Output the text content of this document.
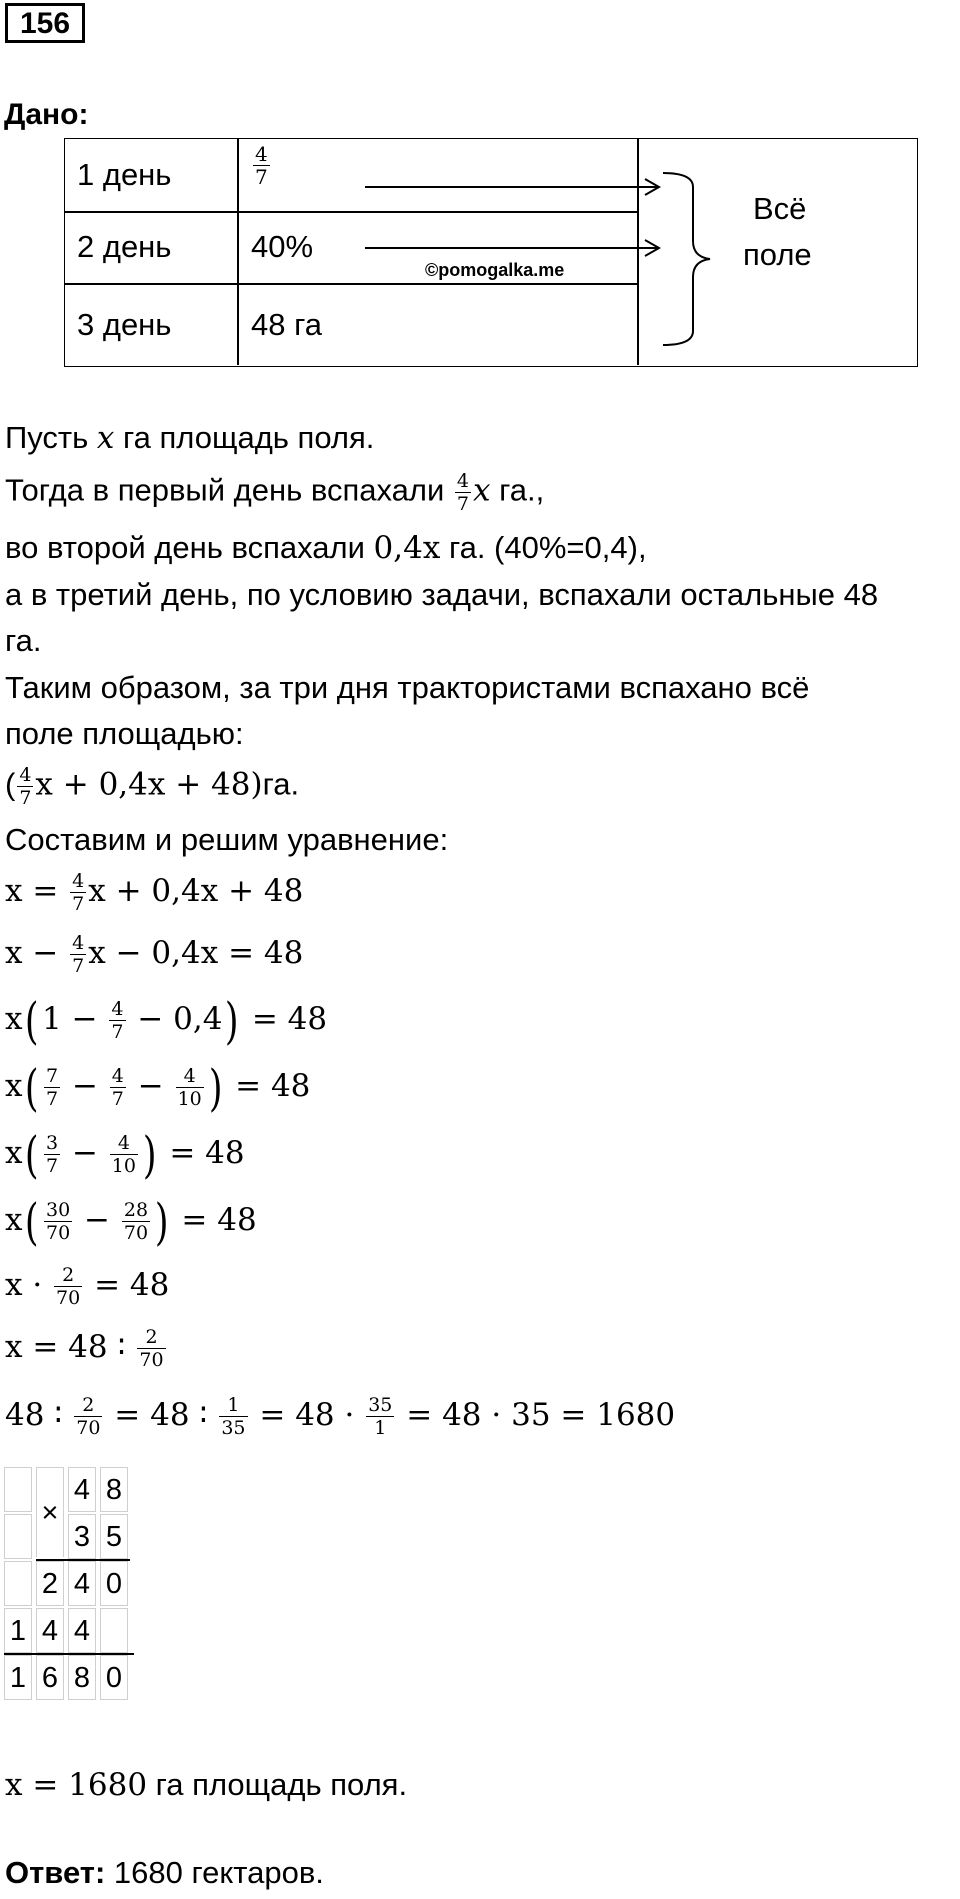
156
Дано:
1 день
2 день
3 день
$\frac{4}{7}$
40%
48 га
Всё
поле
©pomogalka.me
Пусть x га площадь поля.
Тогда в первый день вспахали $\frac{4}{7}$ x га.,
во второй день вспахали 0,4x га. (40%=0,4),
а в третий день, по условию задачи, вспахали остальные 48
га.
Таким образом, за три дня трактористами вспахано всё
поле площадью:
( $\frac{4}{7}$ x + 0,4x + 48)га.
Составим и решим уравнение:
$x = \frac{4}{7}$ x + 0,4x + 48
$x - \frac{4}{7}$ x − 0,4x = 48
$x(1 - \frac{4}{7} - 0,4) = 48$
$x( \frac{7}{7} - \frac{4}{7} - \frac{4}{10}$ ) = 48
$x( \frac{3}{7} - \frac{4}{10}$ ) = 48
$x( \frac{30}{70} - \frac{28}{70}$ ) = 48
$x \cdot \frac{2}{70} = 48$
x = 48 ∶ $\frac{2}{70}$
48 ∶ $\frac{2}{70} = 48$ ∶ $\frac{1}{35} = 48 \cdot \frac{35}{1} = 48 \cdot 35 = 1680$
×
4 8
3 5
2 4 0
1 4 4
1 6 8 0
x = 1680 га площадь поля.
Ответ: 1680 гектаров.
